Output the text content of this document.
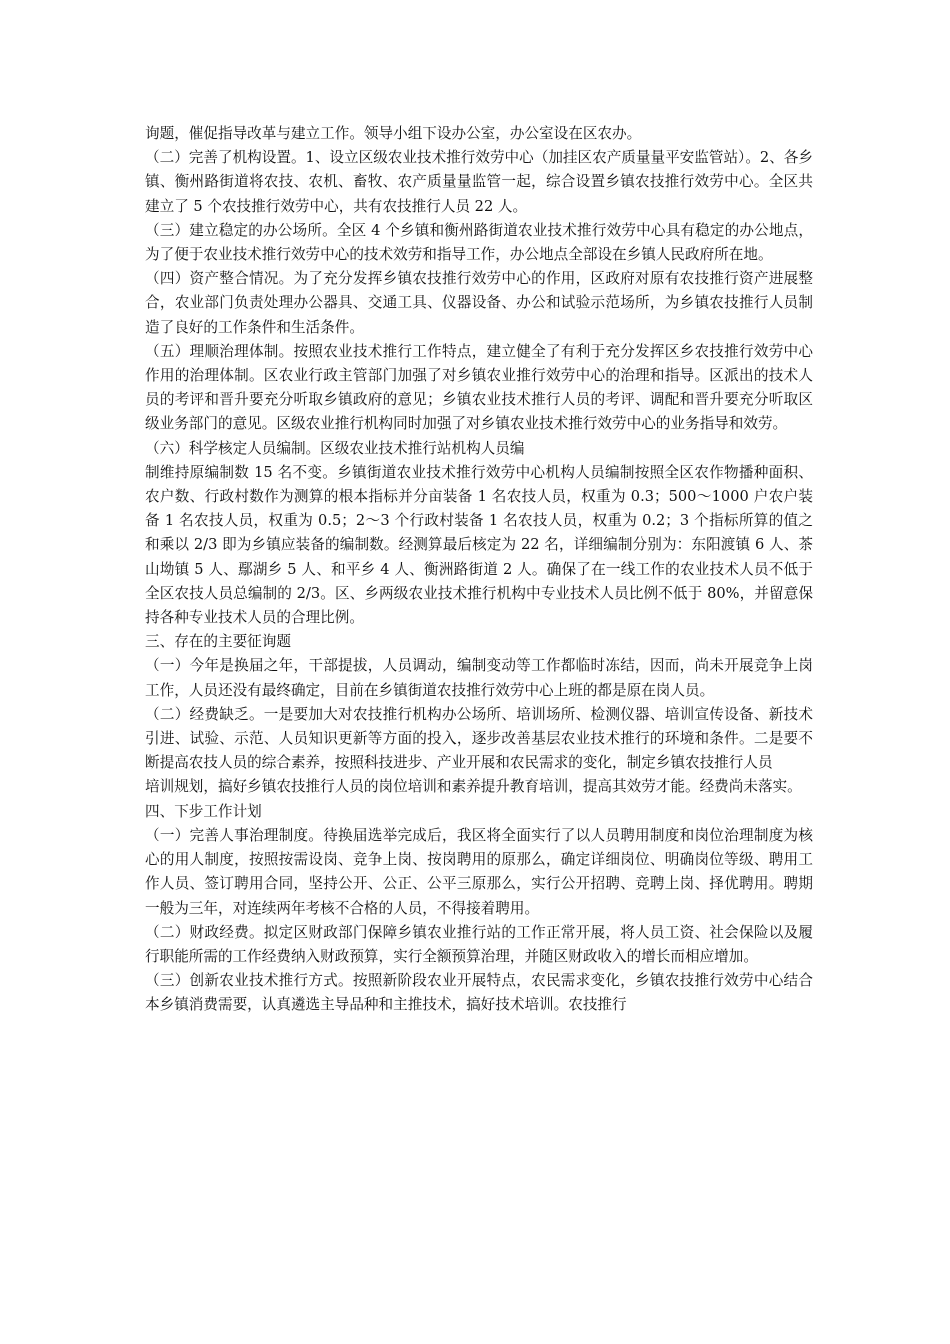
询题，催促指导改革与建立工作。领导小组下设办公室，办公室设在区农办。

（二）完善了机构设置。1、设立区级农业技术推行效劳中心（加挂区农产质量量平安监管站）。2、各乡镇、衡州路街道将农技、农机、畜牧、农产质量量监管一起，综合设置乡镇农技推行效劳中心。全区共建立了 5 个农技推行效劳中心，共有农技推行人员 22 人。

（三）建立稳定的办公场所。全区 4 个乡镇和衡州路街道农业技术推行效劳中心具有稳定的办公地点，为了便于农业技术推行效劳中心的技术效劳和指导工作，办公地点全部设在乡镇人民政府所在地。

（四）资产整合情况。为了充分发挥乡镇农技推行效劳中心的作用，区政府对原有农技推行资产进展整合，农业部门负责处理办公器具、交通工具、仪器设备、办公和试验示范场所，为乡镇农技推行人员制造了良好的工作条件和生活条件。

（五）理顺治理体制。按照农业技术推行工作特点，建立健全了有利于充分发挥区乡农技推行效劳中心作用的治理体制。区农业行政主管部门加强了对乡镇农业推行效劳中心的治理和指导。区派出的技术人员的考评和晋升要充分听取乡镇政府的意见；乡镇农业技术推行人员的考评、调配和晋升要充分听取区级业务部门的意见。区级农业推行机构同时加强了对乡镇农业技术推行效劳中心的业务指导和效劳。

（六）科学核定人员编制。区级农业技术推行站机构人员编

制维持原编制数 15 名不变。乡镇街道农业技术推行效劳中心机构人员编制按照全区农作物播种面积、农户数、行政村数作为测算的根本指标并分亩装备 1 名农技人员，权重为 0.3；500～1000 户农户装备 1 名农技人员，权重为 0.5；2～3 个行政村装备 1 名农技人员，权重为 0.2；3 个指标所算的值之和乘以 2/3 即为乡镇应装备的编制数。经测算最后核定为 22 名，详细编制分别为：东阳渡镇 6 人、茶山坳镇 5 人、鄢湖乡 5 人、和平乡 4 人、衡洲路街道 2 人。确保了在一线工作的农业技术人员不低于全区农技人员总编制的 2/3。区、乡两级农业技术推行机构中专业技术人员比例不低于 80%，并留意保持各种专业技术人员的合理比例。

三、存在的主要征询题

（一）今年是换届之年，干部提拔，人员调动，编制变动等工作都临时冻结，因而，尚未开展竞争上岗工作，人员还没有最终确定，目前在乡镇街道农技推行效劳中心上班的都是原在岗人员。

（二）经费缺乏。一是要加大对农技推行机构办公场所、培训场所、检测仪器、培训宣传设备、新技术引进、试验、示范、人员知识更新等方面的投入，逐步改善基层农业技术推行的环境和条件。二是要不断提高农技人员的综合素养，按照科技进步、产业开展和农民需求的变化，制定乡镇农技推行人员

培训规划，搞好乡镇农技推行人员的岗位培训和素养提升教育培训，提高其效劳才能。经费尚未落实。

四、下步工作计划

（一）完善人事治理制度。待换届选举完成后，我区将全面实行了以人员聘用制度和岗位治理制度为核心的用人制度，按照按需设岗、竞争上岗、按岗聘用的原那么，确定详细岗位、明确岗位等级、聘用工作人员、签订聘用合同，坚持公开、公正、公平三原那么，实行公开招聘、竞聘上岗、择优聘用。聘期一般为三年，对连续两年考核不合格的人员，不得接着聘用。

（二）财政经费。拟定区财政部门保障乡镇农业推行站的工作正常开展，将人员工资、社会保险以及履行职能所需的工作经费纳入财政预算，实行全额预算治理，并随区财政收入的增长而相应增加。

（三）创新农业技术推行方式。按照新阶段农业开展特点，农民需求变化，乡镇农技推行效劳中心结合本乡镇消费需要，认真遴选主导品种和主推技术，搞好技术培训。农技推行
